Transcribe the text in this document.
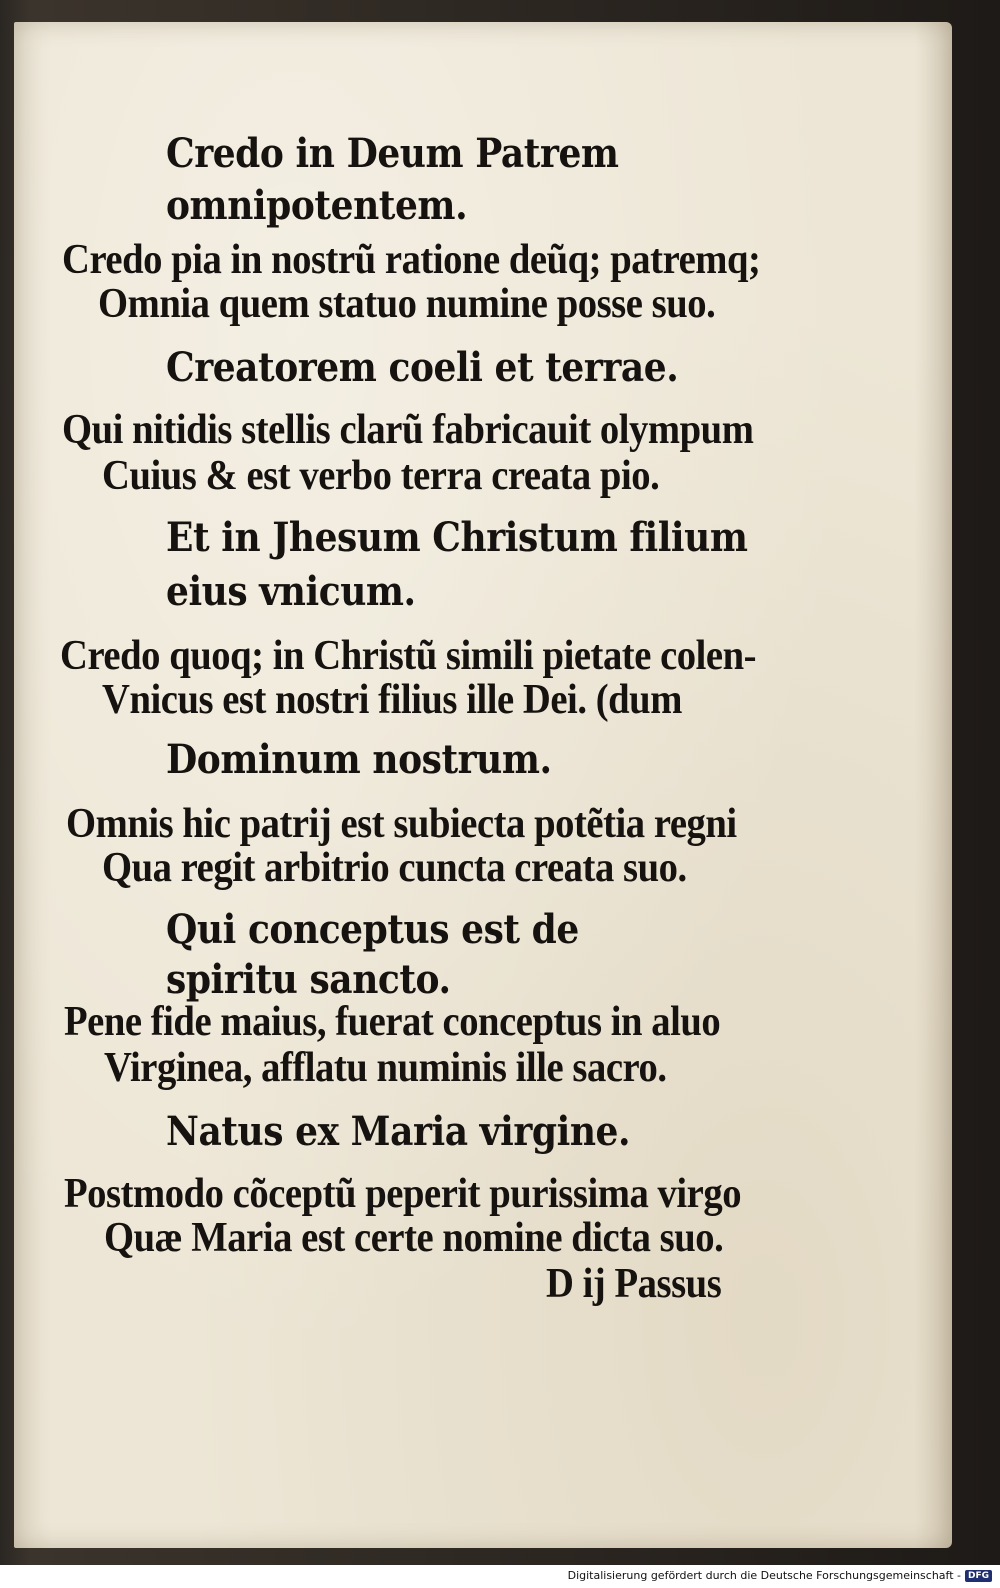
Credo in Deum Patrem
omnipotentem.
Credo pia in nostrũ ratione deũq; patremq;
Omnia quem statuo numine posse suo.
Creatorem coeli et terrae.
Qui nitidis stellis clarũ fabricauit olympum
Cuius & est verbo terra creata pio.
Et in Jhesum Christum filium
eius vnicum.
Credo quoq; in Christũ simili pietate colen-
Vnicus est nostri filius ille Dei. (dum
Dominum nostrum.
Omnis hic patrij est subiecta potẽtia regni
Qua regit arbitrio cuncta creata suo.
Qui conceptus est de
spiritu sancto.
Pene fide maius, fuerat conceptus in aluo
Virginea, afflatu numinis ille sacro.
Natus ex Maria virgine.
Postmodo cõceptũ peperit purissima virgo
Quæ Maria est certe nomine dicta suo.
D ij Passus
Digitalisierung gefördert durch die Deutsche Forschungsgemeinschaft - DFG
